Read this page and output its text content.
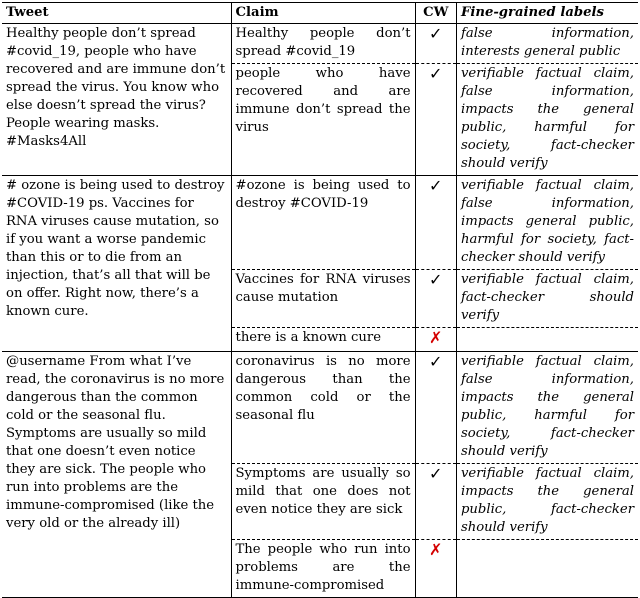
Tweet	Claim	CW	Fine-grained labels
Healthy people don’t spread #covid_19, people who have recovered and are immune don’t spread the virus. You know who else doesn’t spread the virus? People wearing masks. #Masks4All	Healthy people don’t spread #covid_19	✓	false information, interests general public
	people who have recovered and are immune don’t spread the virus	✓	verifiable factual claim, false information, impacts the general public, harmful for society, fact-checker should verify
# ozone is being used to destroy #COVID-19 ps. Vaccines for RNA viruses cause mutation, so if you want a worse pandemic than this or to die from an injection, that’s all that will be on offer. Right now, there’s a known cure.	#ozone is being used to destroy #COVID-19	✓	verifiable factual claim, false information, impacts general public, harmful for society, fact-checker should verify
	Vaccines for RNA viruses cause mutation	✓	verifiable factual claim, fact-checker should verify
	there is a known cure	✗	
@username From what I’ve read, the coronavirus is no more dangerous than the common cold or the seasonal flu. Symptoms are usually so mild that one doesn’t even notice they are sick. The people who run into problems are the immune-compromised (like the very old or the already ill)	coronavirus is no more dangerous than the common cold or the seasonal flu	✓	verifiable factual claim, false information, impacts the general public, harmful for society, fact-checker should verify
	Symptoms are usually so mild that one does not even notice they are sick	✓	verifiable factual claim, impacts the general public, fact-checker should verify
	The people who run into problems are the immune-compromised	✗	
